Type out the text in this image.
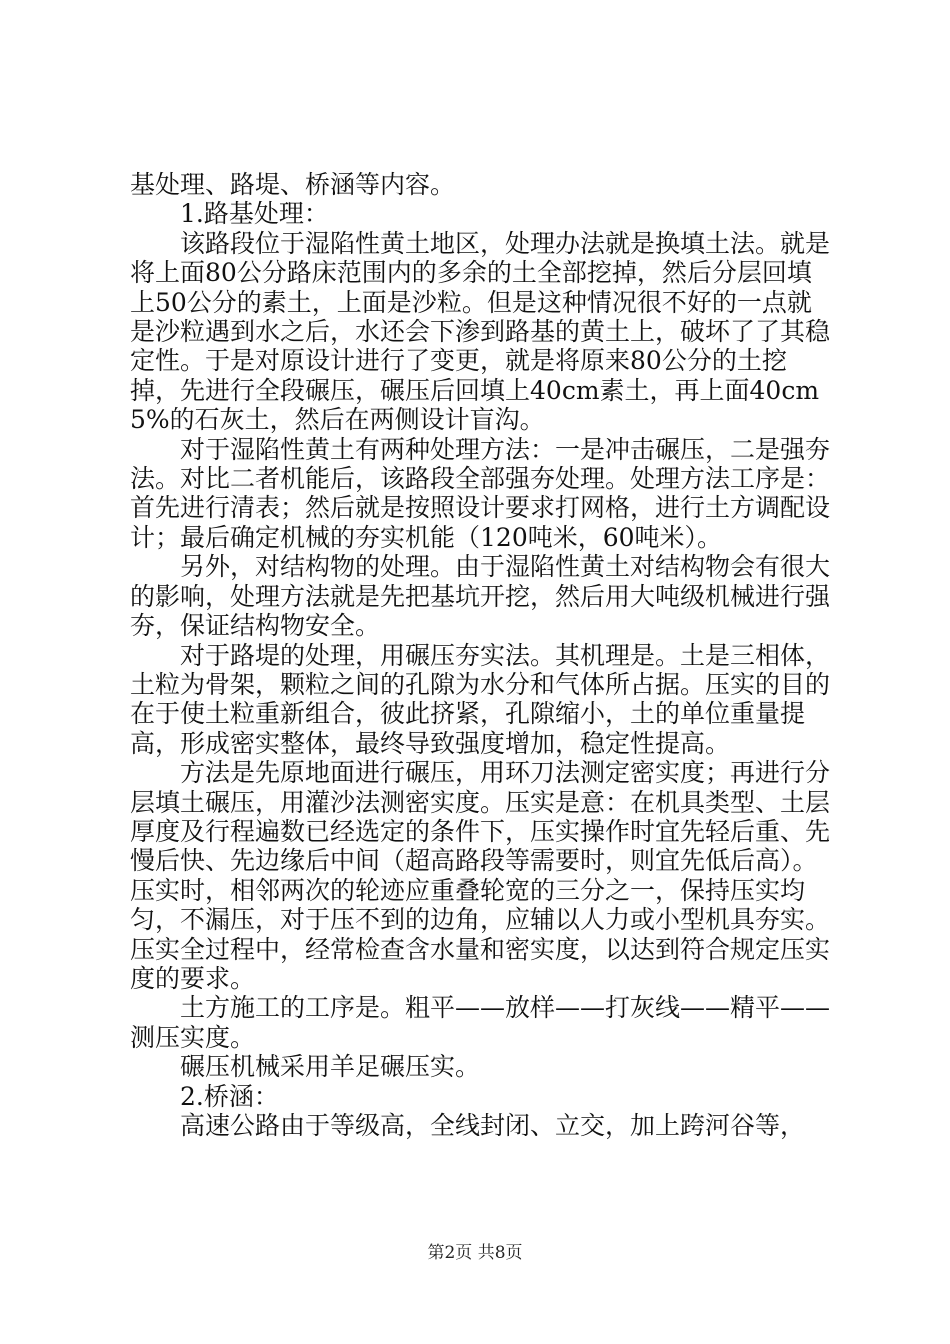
基处理、路堤、桥涵等内容。

1.路基处理：

该路段位于湿陷性黄土地区，处理办法就是换填土法。就是将上面80公分路床范围内的多余的土全部挖掉，然后分层回填上50公分的素土，上面是沙粒。但是这种情况很不好的一点就是沙粒遇到水之后，水还会下渗到路基的黄土上，破坏了了其稳定性。于是对原设计进行了变更，就是将原来80公分的土挖掉，先进行全段碾压，碾压后回填上40cm素土，再上面40cm5%的石灰土，然后在两侧设计盲沟。

对于湿陷性黄土有两种处理方法：一是冲击碾压，二是强夯法。对比二者机能后，该路段全部强夯处理。处理方法工序是：首先进行清表；然后就是按照设计要求打网格，进行土方调配设计；最后确定机械的夯实机能（120吨米，60吨米）。

另外，对结构物的处理。由于湿陷性黄土对结构物会有很大的影响，处理方法就是先把基坑开挖，然后用大吨级机械进行强夯，保证结构物安全。

对于路堤的处理，用碾压夯实法。其机理是。土是三相体，土粒为骨架，颗粒之间的孔隙为水分和气体所占据。压实的目的在于使土粒重新组合，彼此挤紧，孔隙缩小，土的单位重量提高，形成密实整体，最终导致强度增加，稳定性提高。

方法是先原地面进行碾压，用环刀法测定密实度；再进行分层填土碾压，用灌沙法测密实度。压实是意：在机具类型、土层厚度及行程遍数已经选定的条件下，压实操作时宜先轻后重、先慢后快、先边缘后中间（超高路段等需要时，则宜先低后高）。压实时，相邻两次的轮迹应重叠轮宽的三分之一，保持压实均匀，不漏压，对于压不到的边角，应辅以人力或小型机具夯实。压实全过程中，经常检查含水量和密实度，以达到符合规定压实度的要求。

土方施工的工序是。粗平——放样——打灰线——精平——测压实度。

碾压机械采用羊足碾压实。

2.桥涵：

高速公路由于等级高，全线封闭、立交，加上跨河谷等，

第2页 共8页
